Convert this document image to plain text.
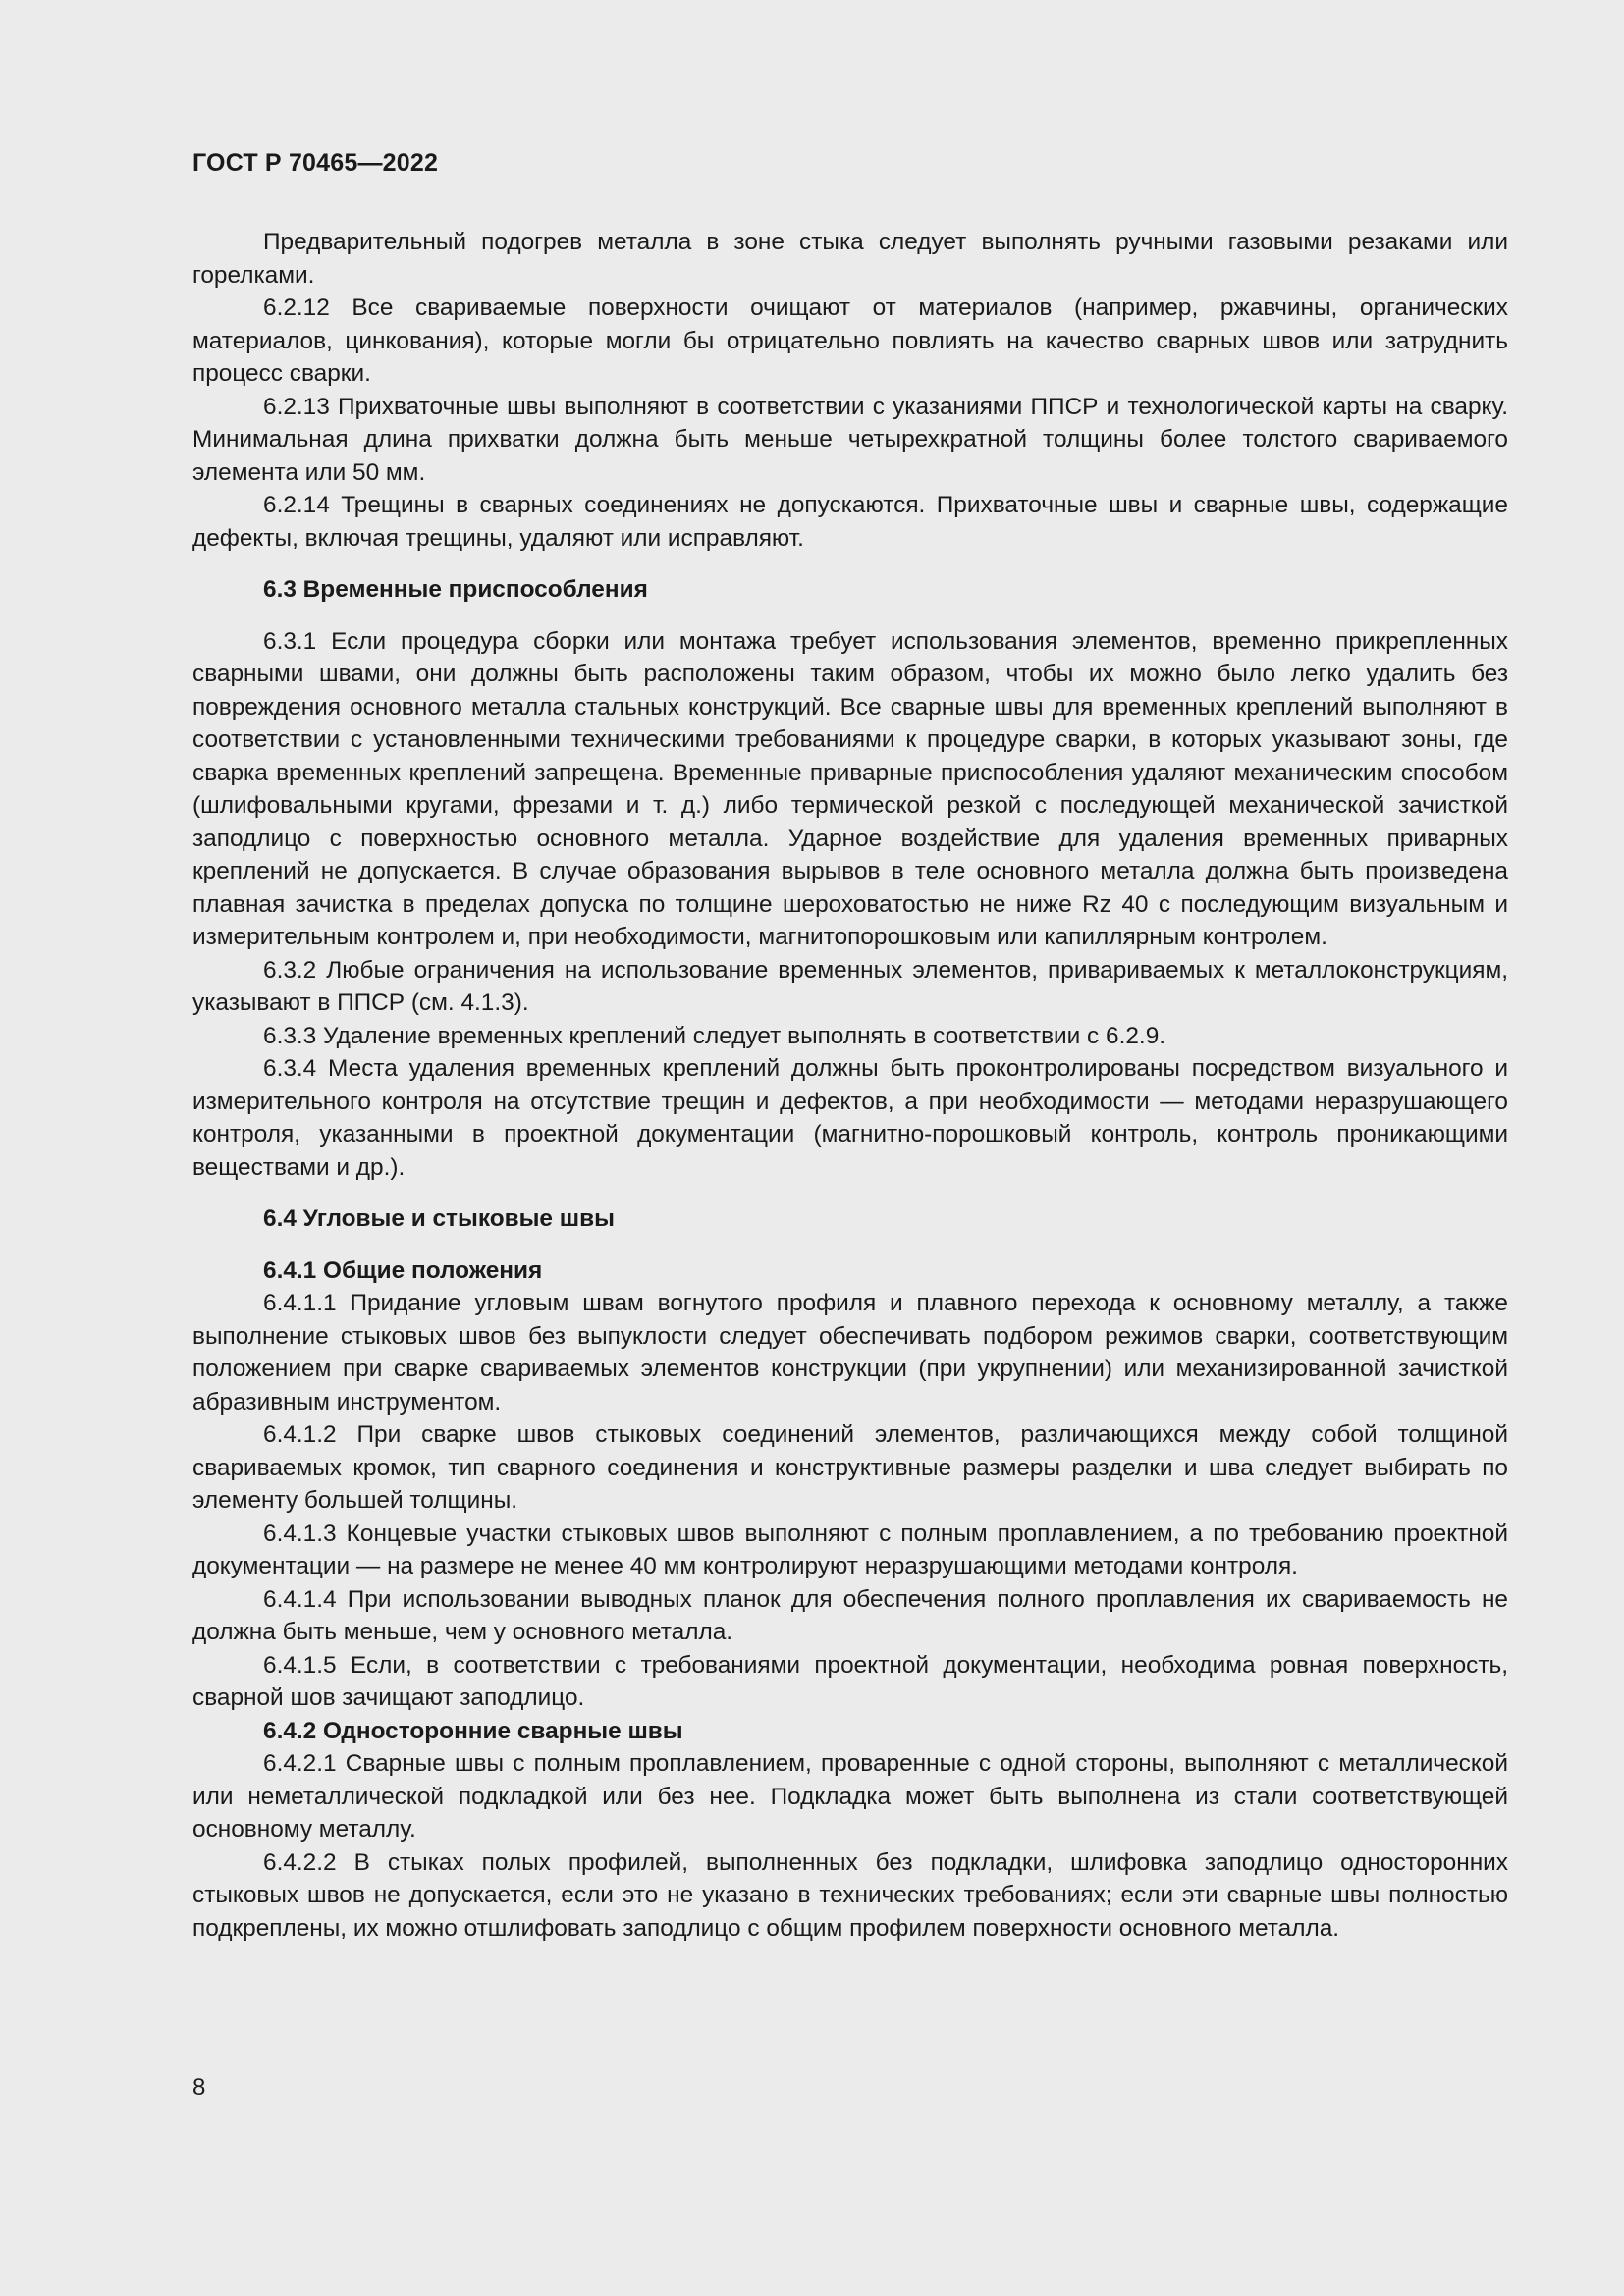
ГОСТ Р 70465—2022

Предварительный подогрев металла в зоне стыка следует выполнять ручными газовыми резаками или горелками.

6.2.12 Все свариваемые поверхности очищают от материалов (например, ржавчины, органических материалов, цинкования), которые могли бы отрицательно повлиять на качество сварных швов или затруднить процесс сварки.

6.2.13 Прихваточные швы выполняют в соответствии с указаниями ППСР и технологической карты на сварку. Минимальная длина прихватки должна быть меньше четырехкратной толщины более толстого свариваемого элемента или 50 мм.

6.2.14 Трещины в сварных соединениях не допускаются. Прихваточные швы и сварные швы, содержащие дефекты, включая трещины, удаляют или исправляют.

6.3 Временные приспособления

6.3.1 Если процедура сборки или монтажа требует использования элементов, временно прикрепленных сварными швами, они должны быть расположены таким образом, чтобы их можно было легко удалить без повреждения основного металла стальных конструкций. Все сварные швы для временных креплений выполняют в соответствии с установленными техническими требованиями к процедуре сварки, в которых указывают зоны, где сварка временных креплений запрещена. Временные приварные приспособления удаляют механическим способом (шлифовальными кругами, фрезами и т. д.) либо термической резкой с последующей механической зачисткой заподлицо с поверхностью основного металла. Ударное воздействие для удаления временных приварных креплений не допускается. В случае образования вырывов в теле основного металла должна быть произведена плавная зачистка в пределах допуска по толщине шероховатостью не ниже Rz 40 с последующим визуальным и измерительным контролем и, при необходимости, магнитопорошковым или капиллярным контролем.

6.3.2 Любые ограничения на использование временных элементов, привариваемых к металлоконструкциям, указывают в ППСР (см. 4.1.3).

6.3.3 Удаление временных креплений следует выполнять в соответствии с 6.2.9.

6.3.4 Места удаления временных креплений должны быть проконтролированы посредством визуального и измерительного контроля на отсутствие трещин и дефектов, а при необходимости — методами неразрушающего контроля, указанными в проектной документации (магнитно-порошковый контроль, контроль проникающими веществами и др.).

6.4 Угловые и стыковые швы
6.4.1 Общие положения

6.4.1.1 Придание угловым швам вогнутого профиля и плавного перехода к основному металлу, а также выполнение стыковых швов без выпуклости следует обеспечивать подбором режимов сварки, соответствующим положением при сварке свариваемых элементов конструкции (при укрупнении) или механизированной зачисткой абразивным инструментом.

6.4.1.2 При сварке швов стыковых соединений элементов, различающихся между собой толщиной свариваемых кромок, тип сварного соединения и конструктивные размеры разделки и шва следует выбирать по элементу большей толщины.

6.4.1.3 Концевые участки стыковых швов выполняют с полным проплавлением, а по требованию проектной документации — на размере не менее 40 мм контролируют неразрушающими методами контроля.

6.4.1.4 При использовании выводных планок для обеспечения полного проплавления их свариваемость не должна быть меньше, чем у основного металла.

6.4.1.5 Если, в соответствии с требованиями проектной документации, необходима ровная поверхность, сварной шов зачищают заподлицо.

6.4.2 Односторонние сварные швы

6.4.2.1 Сварные швы с полным проплавлением, проваренные с одной стороны, выполняют с металлической или неметаллической подкладкой или без нее. Подкладка может быть выполнена из стали соответствующей основному металлу.

6.4.2.2 В стыках полых профилей, выполненных без подкладки, шлифовка заподлицо односторонних стыковых швов не допускается, если это не указано в технических требованиях; если эти сварные швы полностью подкреплены, их можно отшлифовать заподлицо с общим профилем поверхности основного металла.

8
